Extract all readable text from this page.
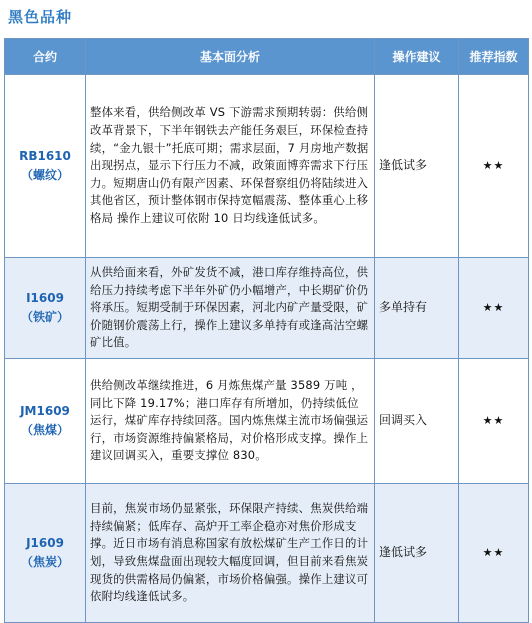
黑色品种
合约	基本面分析	操作建议	推荐指数

RB1610
（螺纹）	整体来看，供给侧改革 VS 下游需求预期转弱：供给侧改革背景下，下半年钢铁去产能任务艰巨，环保检查持续，“金九银十”托底可期；需求层面，7 月房地产数据出现拐点，显示下行压力不减，政策面博弈需求下行压力。短期唐山仍有限产因素、环保督察组仍将陆续进入其他省区，预计整体钢市保持宽幅震荡、整体重心上移格局 操作上建议可依附 10 日均线逢低试多。	逢低试多	★★

I1609
（铁矿）	从供给面来看，外矿发货不减，港口库存维持高位，供给压力持续考虑下半年外矿仍小幅增产，中长期矿价仍将承压。短期受制于环保因素，河北内矿产量受限，矿价随钢价震荡上行，操作上建议多单持有或逢高沽空螺矿比值。	多单持有	★★

JM1609
（焦煤）	供给侧改革继续推进，6 月炼焦煤产量 3589 万吨 ，同比下降 19.17%；港口库存有所增加，仍持续低位运行，煤矿库存持续回落。国内炼焦煤主流市场偏强运行，市场资源维持偏紧格局，对价格形成支撑。操作上建议回调买入，重要支撑位 830。	回调买入	★★

J1609
（焦炭）	目前，焦炭市场仍显紧张，环保限产持续、焦炭供给端持续偏紧；低库存、高炉开工率企稳亦对焦价形成支撑。近日市场有消息称国家有放松煤矿生产工作日的计划，导致焦煤盘面出现较大幅度回调，但目前来看焦炭现货的供需格局仍偏紧，市场价格偏强。操作上建议可依附均线逢低试多。	逢低试多	★★
